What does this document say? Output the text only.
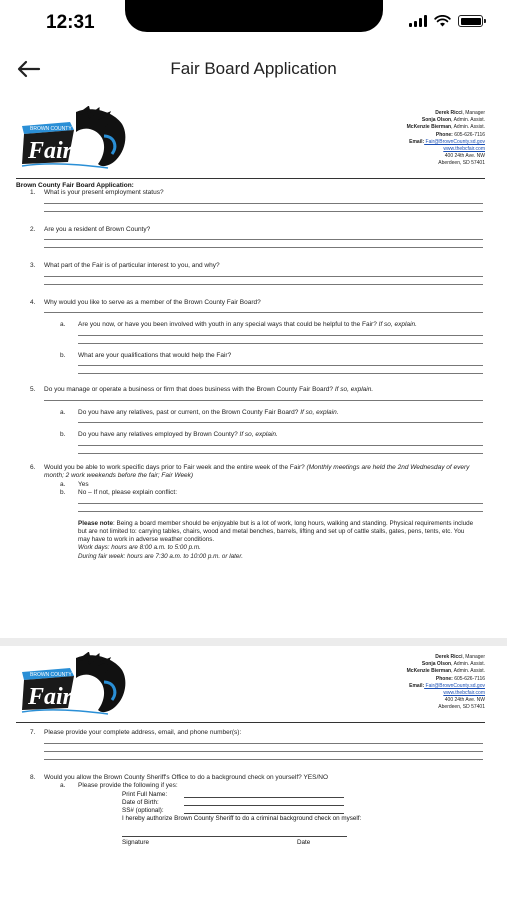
12:31
Fair Board Application
Fair
BROWN COUNTY
Derek Ricci, Manager
Sonja Olson, Admin. Assist.
McKenzie Bierman, Admin. Assist.
Phone: 605-626-7116
Email: Fair@BrownCounty.sd.gov
www.thebcfair.com
400 24th Ave. NW
Aberdeen, SD 57401
Brown County Fair Board Application:
1. What is your present employment status?
2. Are you a resident of Brown County?
3. What part of the Fair is of particular interest to you, and why?
4. Why would you like to serve as a member of the Brown County Fair Board?
a. Are you now, or have you been involved with youth in any special ways that could be helpful to the Fair? If so, explain.
b. What are your qualifications that would help the Fair?
5. Do you manage or operate a business or firm that does business with the Brown County Fair Board? If so, explain.
a. Do you have any relatives, past or current, on the Brown County Fair Board? If so, explain.
b. Do you have any relatives employed by Brown County? If so, explain.
6. Would you be able to work specific days prior to Fair week and the entire week of the Fair? (Monthly meetings are held the 2nd Wednesday of every month; 2 work weekends before the fair; Fair Week)
a. Yes
b. No – If not, please explain conflict:
Please note: Being a board member should be enjoyable but is a lot of work, long hours, walking and standing. Physical requirements include but are not limited to: carrying tables, chairs, wood and metal benches, barrels, lifting and set up of cattle stalls, gates, pens, tents, etc. You may have to work in adverse weather conditions.
Work days: hours are 8:00 a.m. to 5:00 p.m.
During fair week: hours are 7:30 a.m. to 10:00 p.m. or later.
Fair
BROWN COUNTY
Derek Ricci, Manager
Sonja Olson, Admin. Assist.
McKenzie Bierman, Admin. Assist.
Phone: 605-626-7116
Email: Fair@BrownCounty.sd.gov
www.thebcfair.com
400 24th Ave. NW
Aberdeen, SD 57401
7. Please provide your complete address, email, and phone number(s):
8. Would you allow the Brown County Sheriff's Office to do a background check on yourself? YES/NO
a. Please provide the following if yes:
Print Full Name:
Date of Birth:
SS# (optional):
I hereby authorize Brown County Sheriff to do a criminal background check on myself:
Signature	Date
